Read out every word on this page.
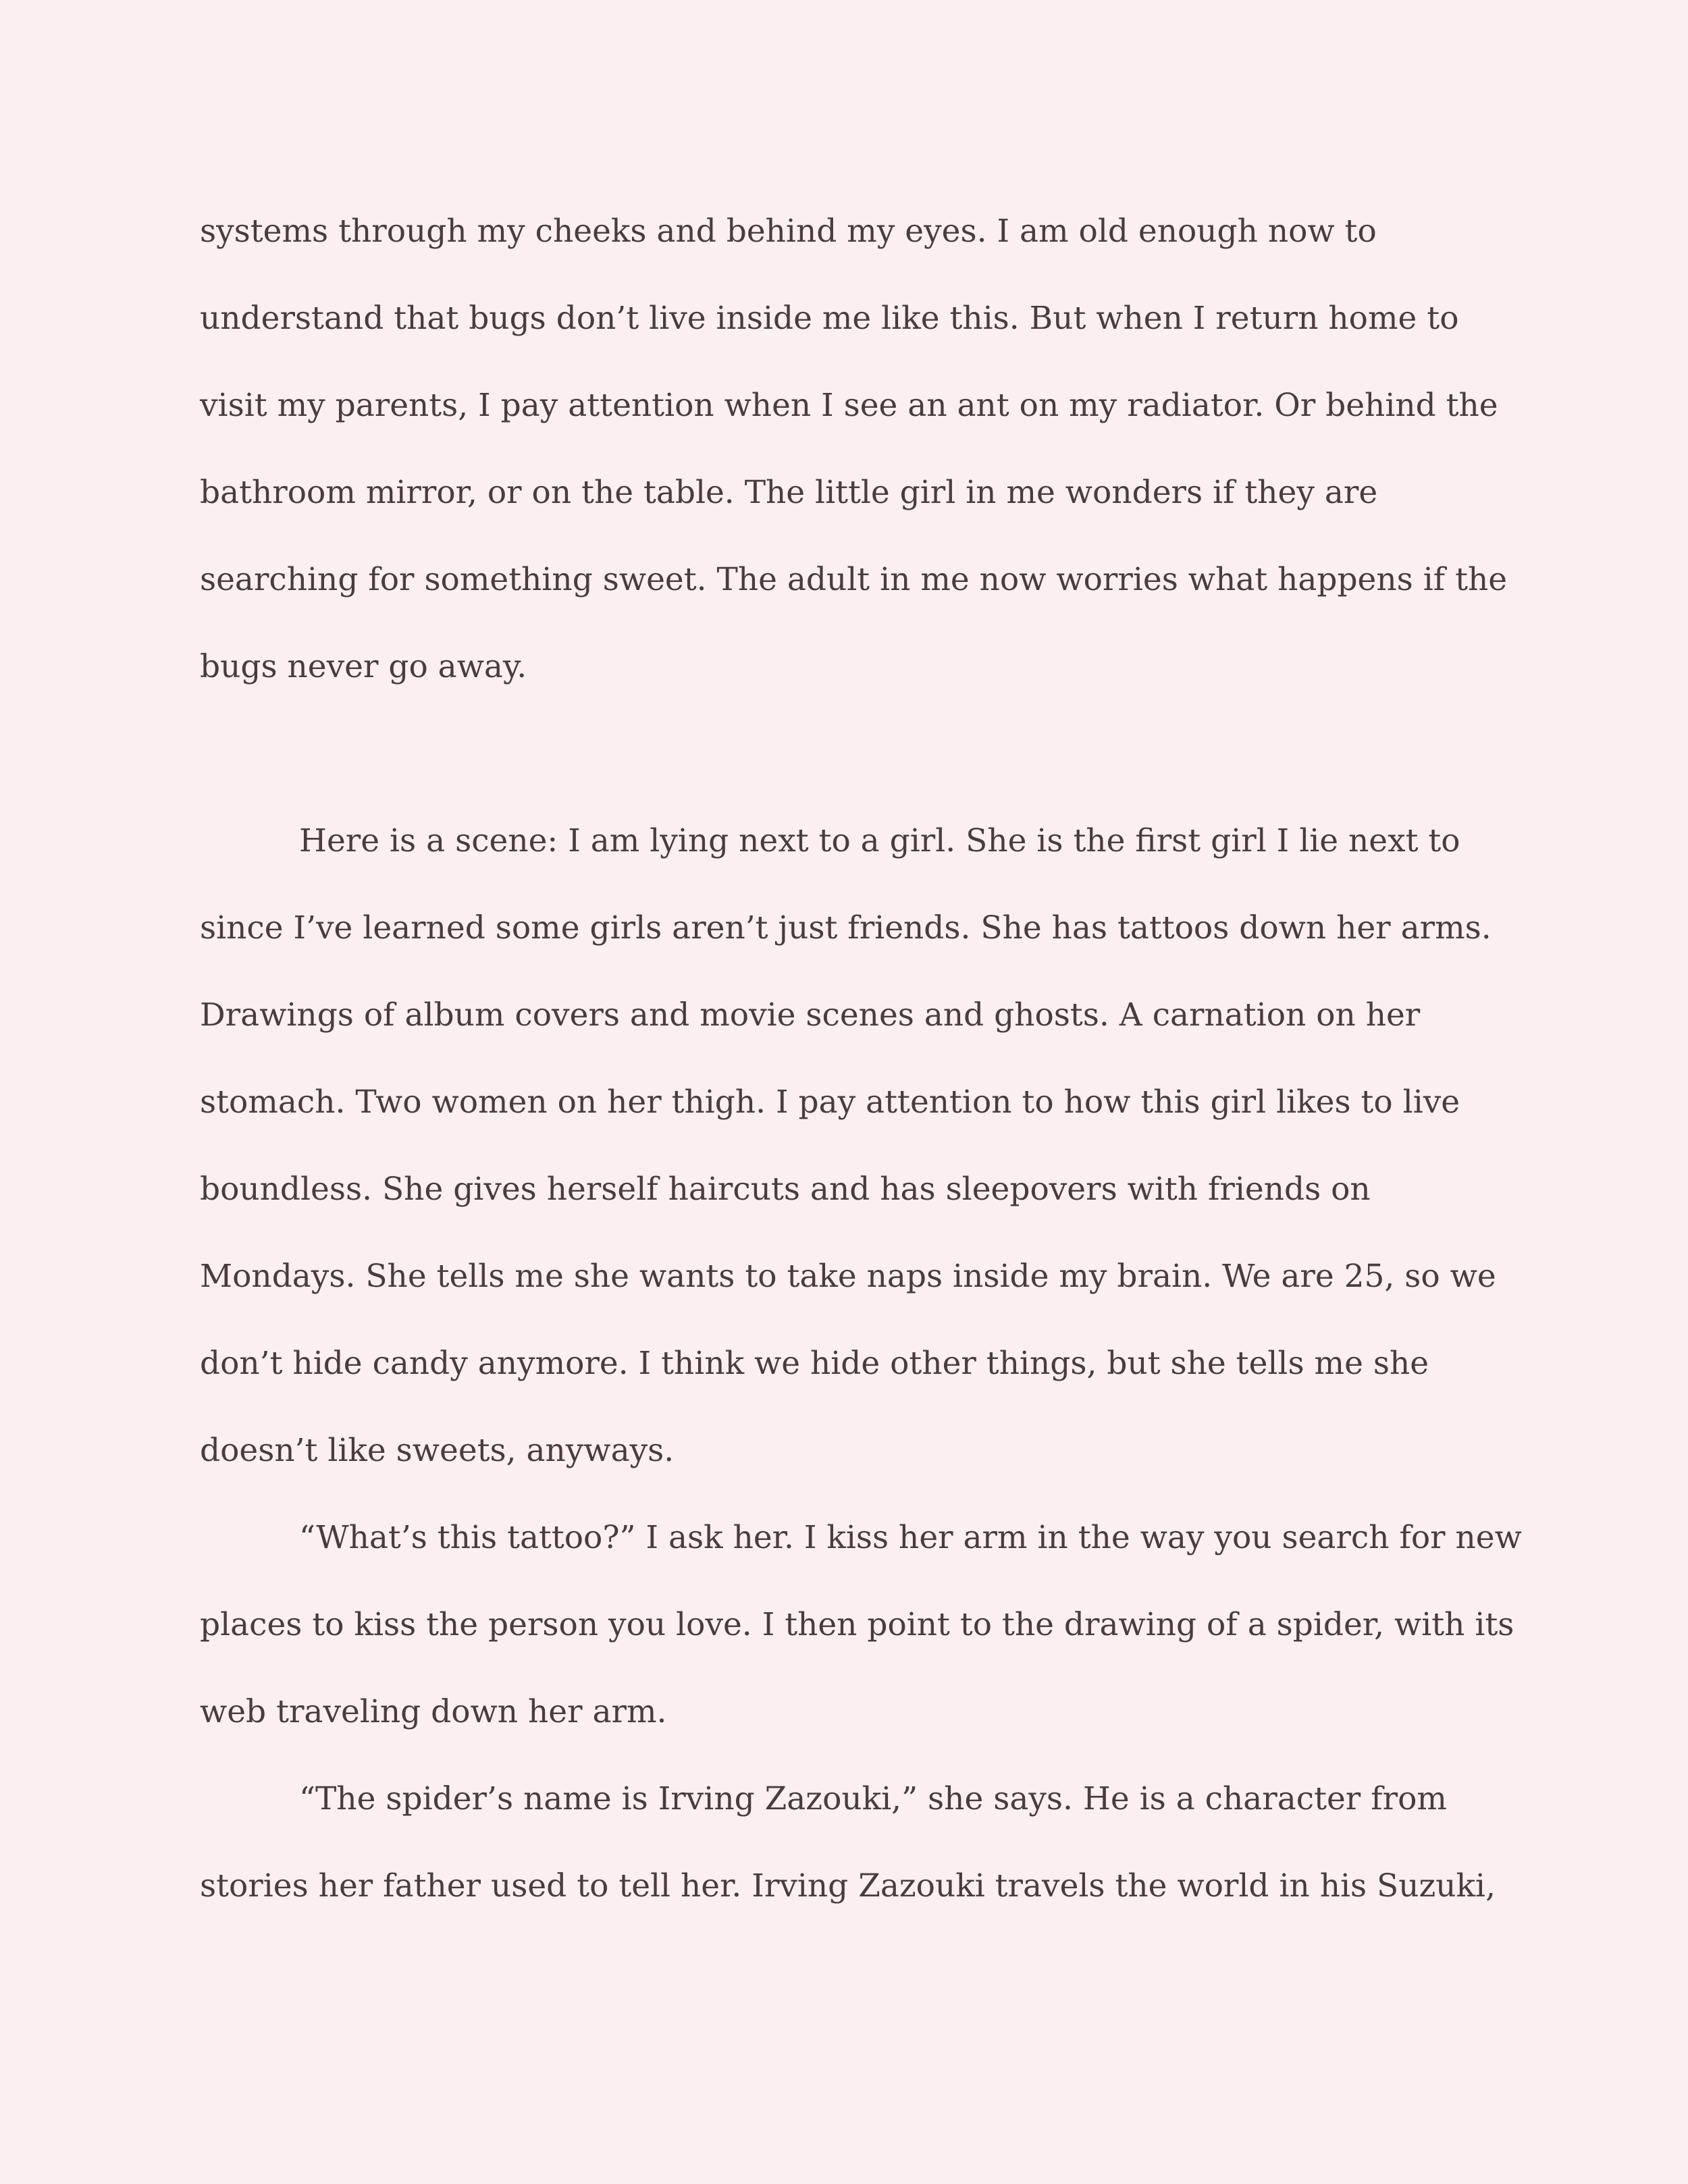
systems through my cheeks and behind my eyes. I am old enough now to

understand that bugs don’t live inside me like this. But when I return home to

visit my parents, I pay attention when I see an ant on my radiator. Or behind the

bathroom mirror, or on the table. The little girl in me wonders if they are

searching for something sweet. The adult in me now worries what happens if the

bugs never go away.

Here is a scene: I am lying next to a girl. She is the first girl I lie next to

since I’ve learned some girls aren’t just friends. She has tattoos down her arms.

Drawings of album covers and movie scenes and ghosts. A carnation on her

stomach. Two women on her thigh. I pay attention to how this girl likes to live

boundless. She gives herself haircuts and has sleepovers with friends on

Mondays. She tells me she wants to take naps inside my brain. We are 25, so we

don’t hide candy anymore. I think we hide other things, but she tells me she

doesn’t like sweets, anyways.

“What’s this tattoo?” I ask her. I kiss her arm in the way you search for new

places to kiss the person you love. I then point to the drawing of a spider, with its

web traveling down her arm.

“The spider’s name is Irving Zazouki,” she says. He is a character from

stories her father used to tell her. Irving Zazouki travels the world in his Suzuki,
